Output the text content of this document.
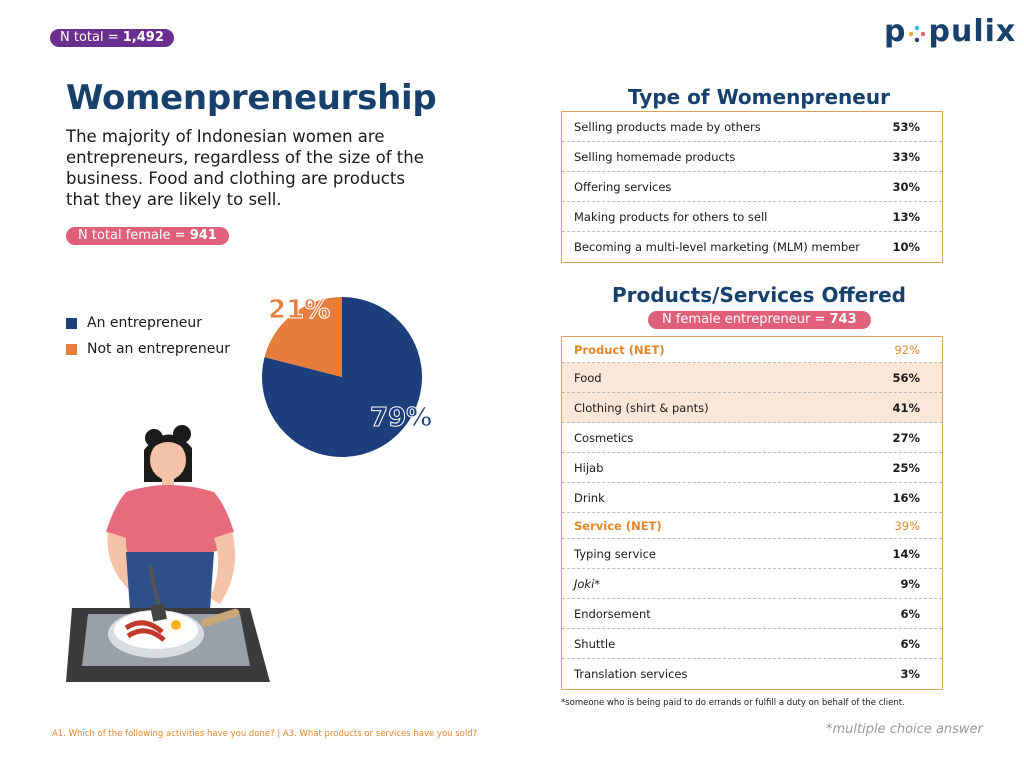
N total = 1,492	p pulix
Womenpreneurship
The majority of Indonesian women are entrepreneurs, regardless of the size of the business. Food and clothing are products that they are likely to sell.
N total female = 941
An entrepreneur
Not an entrepreneur
79%
21%
Type of Womenpreneur
Selling products made by others	53%
Selling homemade products	33%
Offering services	30%
Making products for others to sell	13%
Becoming a multi-level marketing (MLM) member	10%
Products/Services Offered
N female entrepreneur = 743
Product (NET)	92%
Food	56%
Clothing (shirt & pants)	41%
Cosmetics	27%
Hijab	25%
Drink	16%
Service (NET)	39%
Typing service	14%
Joki*	9%
Endorsement	6%
Shuttle	6%
Translation services	3%
*someone who is being paid to do errands or fulfill a duty on behalf of the client.
A1. Which of the following activities have you done? | A3. What products or services have you sold?	*multiple choice answer
